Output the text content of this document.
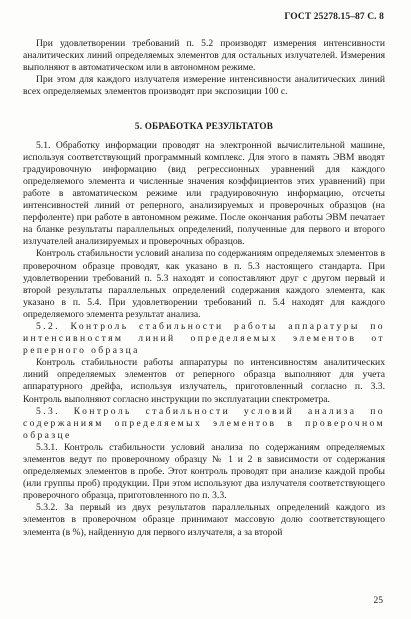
ГОСТ 25278.15–87 С. 8

При удовлетворении требований п. 5.2 производят измерения интенсивности аналитических линий определяемых элементов для остальных излучателей. Измерения выполняют в автоматическом или в автономном режиме.

При этом для каждого излучателя измерение интенсивности аналитических линий всех определяемых элементов производят при экспозиции 100 с.

5. ОБРАБОТКА РЕЗУЛЬТАТОВ

5.1. Обработку информации проводят на электронной вычислительной машине, используя соответствующий программный комплекс. Для этого в память ЭВМ вводят градуировочную информацию (вид регрессионных уравнений для каждого определяемого элемента и численные значения коэффициентов этих уравнений) при работе в автоматическом режиме или градуировочную информацию, отсчеты интенсивностей линий от реперного, анализируемых и проверочных образцов (на перфоленте) при работе в автономном режиме. После окончания работы ЭВМ печатает на бланке результаты параллельных определений, полученные для первого и второго излучателей анализируемых и проверочных образцов.

Контроль стабильности условий анализа по содержаниям определяемых элементов в проверочном образце проводят, как указано в п. 5.3 настоящего стандарта. При удовлетворении требований п. 5.3 находят и сопоставляют друг с другом первый и второй результаты параллельных определений содержания каждого элемента, как указано в п. 5.4. При удовлетворении требований п. 5.4 находят для каждого определяемого элемента результат анализа.

5.2. Контроль стабильности работы аппаратуры по интенсивностям линий определяемых элементов от реперного образца

Контроль стабильности работы аппаратуры по интенсивностям аналитических линий определяемых элементов от реперного образца выполняют для учета аппаратурного дрейфа, используя излучатель, приготовленный согласно п. 3.3. Контроль выполняют согласно инструкции по эксплуатации спектрометра.

5.3. Контроль стабильности условий анализа по содержаниям определяемых элементов в проверочном образце

5.3.1. Контроль стабильности условий анализа по содержаниям определяемых элементов ведут по проверочному образцу № 1 и 2 в зависимости от содержания определяемых элементов в пробе. Этот контроль проводят при анализе каждой пробы (или группы проб) продукции. При этом используют два излучателя соответствующего проверочного образца, приготовленного по п. 3.3.

5.3.2. За первый из двух результатов параллельных определений каждого из элементов в проверочном образце принимают массовую долю соответствующего элемента (в %), найденную для первого излучателя, а за второй

25
